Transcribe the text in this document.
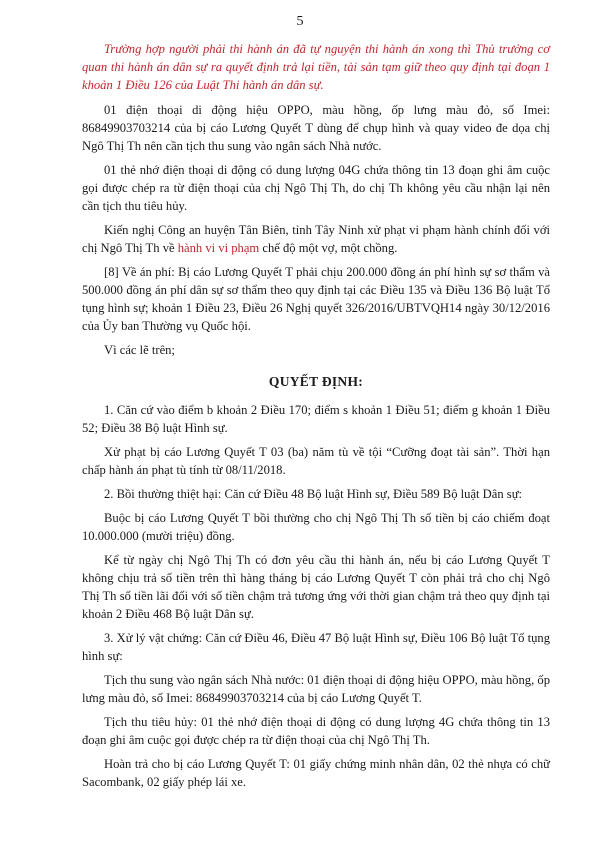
5

Trường hợp người phải thi hành án đã tự nguyện thi hành án xong thì Thủ trưởng cơ quan thi hành án dân sự ra quyết định trả lại tiền, tài sản tạm giữ theo quy định tại đoạn 1 khoản 1 Điều 126 của Luật Thi hành án dân sự.

01 điện thoại di động hiệu OPPO, màu hồng, ốp lưng màu đỏ, số Imei: 86849903703214 của bị cáo Lương Quyết T dùng để chụp hình và quay video đe dọa chị Ngô Thị Th nên cần tịch thu sung vào ngân sách Nhà nước.

01 thẻ nhớ điện thoại di động có dung lượng 04G chứa thông tin 13 đoạn ghi âm cuộc gọi được chép ra từ điện thoại của chị Ngô Thị Th, do chị Th không yêu cầu nhận lại nên cần tịch thu tiêu hủy.

Kiến nghị Công an huyện Tân Biên, tỉnh Tây Ninh xử phạt vi phạm hành chính đối với chị Ngô Thị Th về hành vi vi phạm chế độ một vợ, một chồng.

[8] Về án phí: Bị cáo Lương Quyết T phải chịu 200.000 đồng án phí hình sự sơ thẩm và 500.000 đồng án phí dân sự sơ thẩm theo quy định tại các Điều 135 và Điều 136 Bộ luật Tố tụng hình sự; khoản 1 Điều 23, Điều 26 Nghị quyết 326/2016/UBTVQH14 ngày 30/12/2016 của Ủy ban Thường vụ Quốc hội.

Vì các lẽ trên;

QUYẾT ĐỊNH:

1. Căn cứ vào điểm b khoản 2 Điều 170; điểm s khoản 1 Điều 51; điểm g khoản 1 Điều 52; Điều 38 Bộ luật Hình sự.

Xử phạt bị cáo Lương Quyết T 03 (ba) năm tù về tội “Cưỡng đoạt tài sản”. Thời hạn chấp hành án phạt tù tính từ 08/11/2018.

2. Bồi thường thiệt hại: Căn cứ Điều 48 Bộ luật Hình sự, Điều 589 Bộ luật Dân sự:

Buộc bị cáo Lương Quyết T bồi thường cho chị Ngô Thị Th số tiền bị cáo chiếm đoạt 10.000.000 (mười triệu) đồng.

Kể từ ngày chị Ngô Thị Th có đơn yêu cầu thi hành án, nếu bị cáo Lương Quyết T không chịu trả số tiền trên thì hàng tháng bị cáo Lương Quyết T còn phải trả cho chị Ngô Thị Th số tiền lãi đối với số tiền chậm trả tương ứng với thời gian chậm trả theo quy định tại khoản 2 Điều 468 Bộ luật Dân sự.

3. Xử lý vật chứng: Căn cứ Điều 46, Điều 47 Bộ luật Hình sự, Điều 106 Bộ luật Tố tụng hình sự:

Tịch thu sung vào ngân sách Nhà nước: 01 điện thoại di động hiệu OPPO, màu hồng, ốp lưng màu đỏ, số Imei: 86849903703214 của bị cáo Lương Quyết T.

Tịch thu tiêu hủy: 01 thẻ nhớ điện thoại di động có dung lượng 4G chứa thông tin 13 đoạn ghi âm cuộc gọi được chép ra từ điện thoại của chị Ngô Thị Th.

Hoàn trả cho bị cáo Lương Quyết T: 01 giấy chứng minh nhân dân, 02 thẻ nhựa có chữ Sacombank, 02 giấy phép lái xe.
